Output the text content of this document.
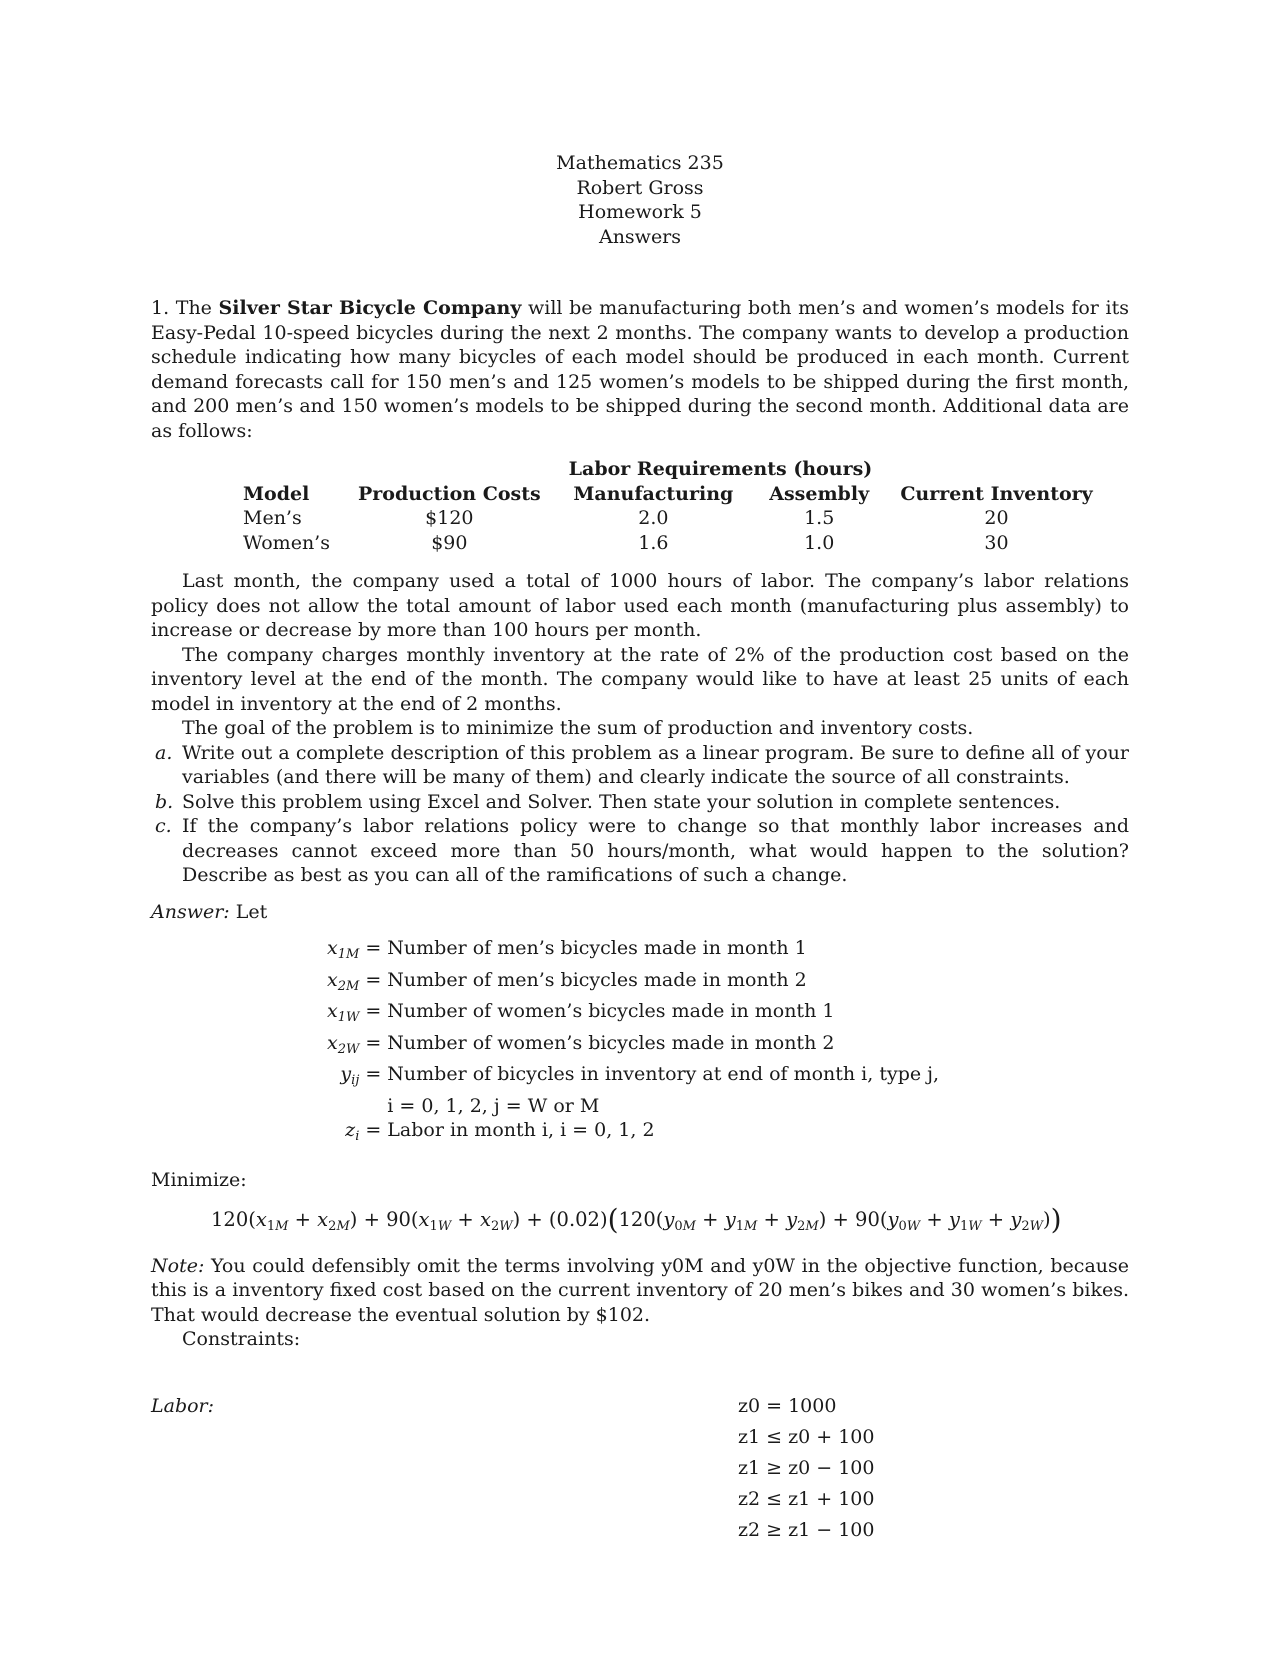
Mathematics 235
Robert Gross
Homework 5
Answers

1. The Silver Star Bicycle Company will be manufacturing both men’s and women’s models for its Easy-Pedal 10-speed bicycles during the next 2 months. The company wants to develop a production schedule indicating how many bicycles of each model should be produced in each month. Current demand forecasts call for 150 men’s and 125 women’s models to be shipped during the first month, and 200 men’s and 150 women’s models to be shipped during the second month. Additional data are as follows:

		Labor Requirements (hours)		
Model	Production Costs	Manufacturing	Assembly	Current Inventory
Men’s	$120	2.0	1.5	20
Women’s	$90	1.6	1.0	30

Last month, the company used a total of 1000 hours of labor. The company’s labor relations policy does not allow the total amount of labor used each month (manufacturing plus assembly) to increase or decrease by more than 100 hours per month.

The company charges monthly inventory at the rate of 2% of the production cost based on the inventory level at the end of the month. The company would like to have at least 25 units of each model in inventory at the end of 2 months.

The goal of the problem is to minimize the sum of production and inventory costs.

a. Write out a complete description of this problem as a linear program. Be sure to define all of your variables (and there will be many of them) and clearly indicate the source of all constraints.
b. Solve this problem using Excel and Solver. Then state your solution in complete sentences.
c. If the company’s labor relations policy were to change so that monthly labor increases and decreases cannot exceed more than 50 hours/month, what would happen to the solution? Describe as best as you can all of the ramifications of such a change.

Answer: Let

$x_{1M}$	=	Number of men’s bicycles made in month 1
$x_{2M}$	=	Number of men’s bicycles made in month 2
$x_{1W}$	=	Number of women’s bicycles made in month 1
$x_{2W}$	=	Number of women’s bicycles made in month 2
$y_{ij}$	=	Number of bicycles in inventory at end of month i, type j,
		i = 0, 1, 2, j = W or M
$z_i$	=	Labor in month i, i = 0, 1, 2

Minimize:

$120(x_{1M} + x_{2M}) + 90(x_{1W} + x_{2W}) + (0.02)(120(y_{0M} + y_{1M} + y_{2M}) + 90(y_{0W} + y_{1W} + y_{2W}))$

Note: You could defensibly omit the terms involving y0M and y0W in the objective function, because this is a inventory fixed cost based on the current inventory of 20 men’s bikes and 30 women’s bikes. That would decrease the eventual solution by $102.

Constraints:

Labor:	z0 = 1000
z1 ≤ z0 + 100
z1 ≥ z0 − 100
z2 ≤ z1 + 100
z2 ≥ z1 − 100
